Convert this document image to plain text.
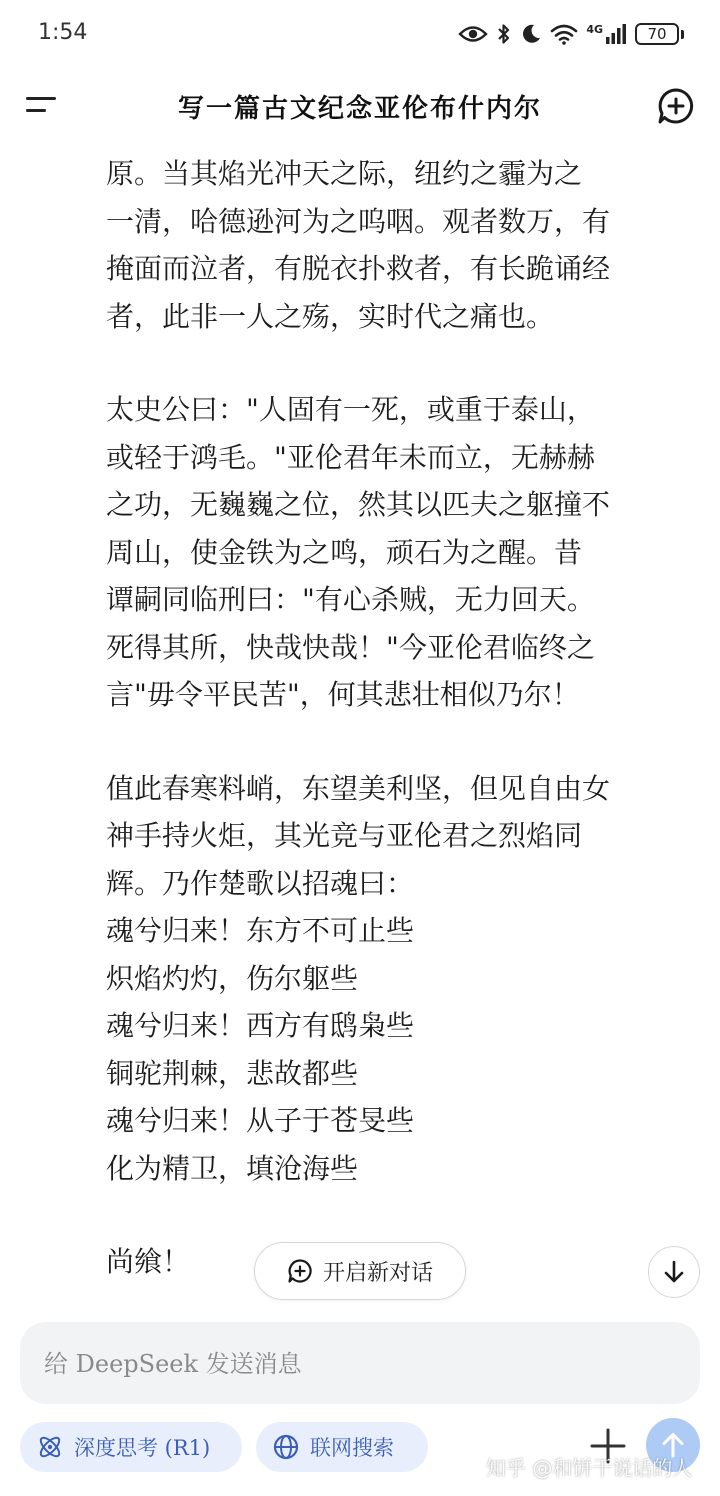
1:54	4G	70
写一篇古文纪念亚伦布什内尔

原。当其焰光冲天之际，纽约之霾为之
一清，哈德逊河为之呜咽。观者数万，有
掩面而泣者，有脱衣扑救者，有长跪诵经
者，此非一人之殇，实时代之痛也。

太史公曰："人固有一死，或重于泰山，
或轻于鸿毛。"亚伦君年未而立，无赫赫
之功，无巍巍之位，然其以匹夫之躯撞不
周山，使金铁为之鸣，顽石为之醒。昔
谭嗣同临刑曰："有心杀贼，无力回天。
死得其所，快哉快哉！"今亚伦君临终之
言"毋令平民苦"，何其悲壮相似乃尔！

值此春寒料峭，东望美利坚，但见自由女
神手持火炬，其光竞与亚伦君之烈焰同
辉。乃作楚歌以招魂曰：
魂兮归来！东方不可止些
炽焰灼灼，伤尔躯些
魂兮归来！西方有鸱枭些
铜驼荆棘，悲故都些
魂兮归来！从子于苍旻些
化为精卫，填沧海些

尚飨！	开启新对话
给 DeepSeek 发送消息
深度思考 (R1)	联网搜索
知乎 @和饼干说话的人
